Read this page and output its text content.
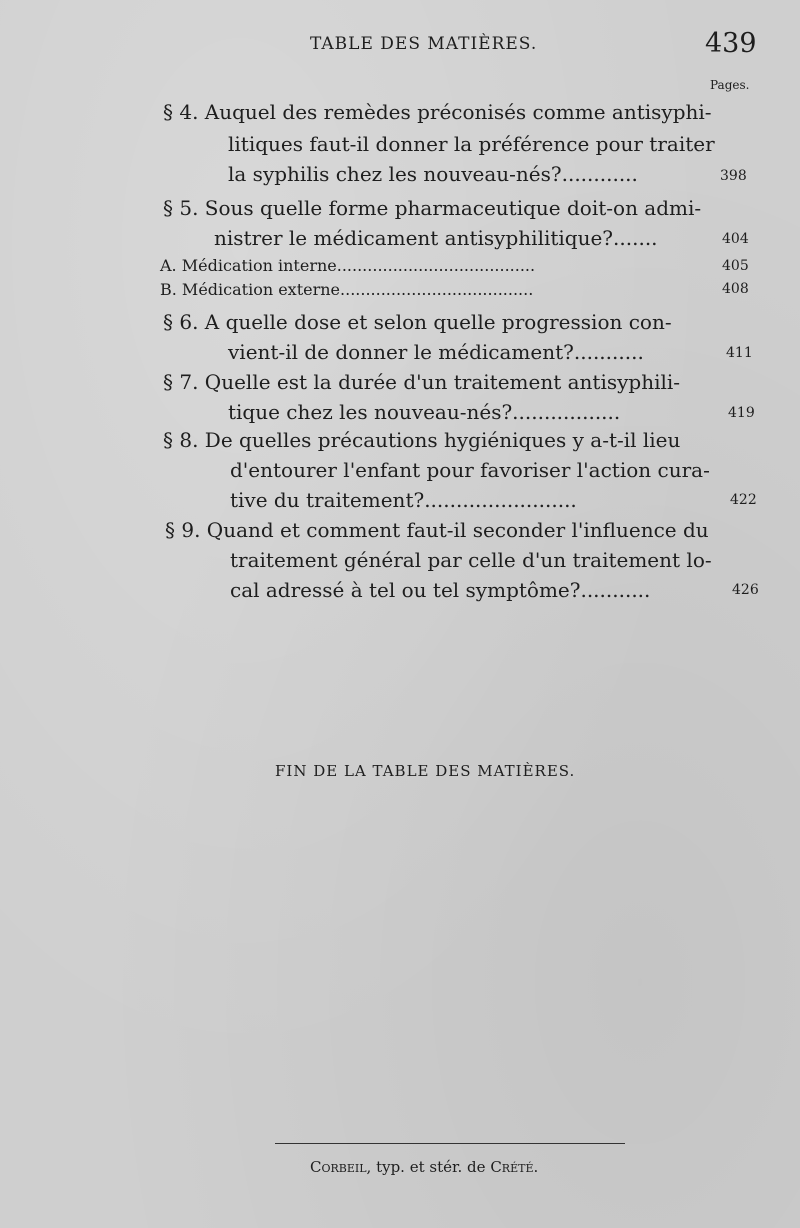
TABLE DES MATIÈRES.	439
Pages.
§ 4. Auquel des remèdes préconisés comme antisyphi-
litiques faut-il donner la préférence pour traiter
la syphilis chez les nouveau-nés?............	398
§ 5. Sous quelle forme pharmaceutique doit-on admi-
nistrer le médicament antisyphilitique?.......	404
A. Médication interne.......................................	405
B. Médication externe......................................	408
§ 6. A quelle dose et selon quelle progression con-
vient-il de donner le médicament?...........	411
§ 7. Quelle est la durée d'un traitement antisyphili-
tique chez les nouveau-nés?.................	419
§ 8. De quelles précautions hygiéniques y a-t-il lieu
d'entourer l'enfant pour favoriser l'action cura-
tive du traitement?........................	422
§ 9. Quand et comment faut-il seconder l'influence du
traitement général par celle d'un traitement lo-
cal adressé à tel ou tel symptôme?...........	426
FIN DE LA TABLE DES MATIÈRES.
Corbeil, typ. et stér. de Crété.
